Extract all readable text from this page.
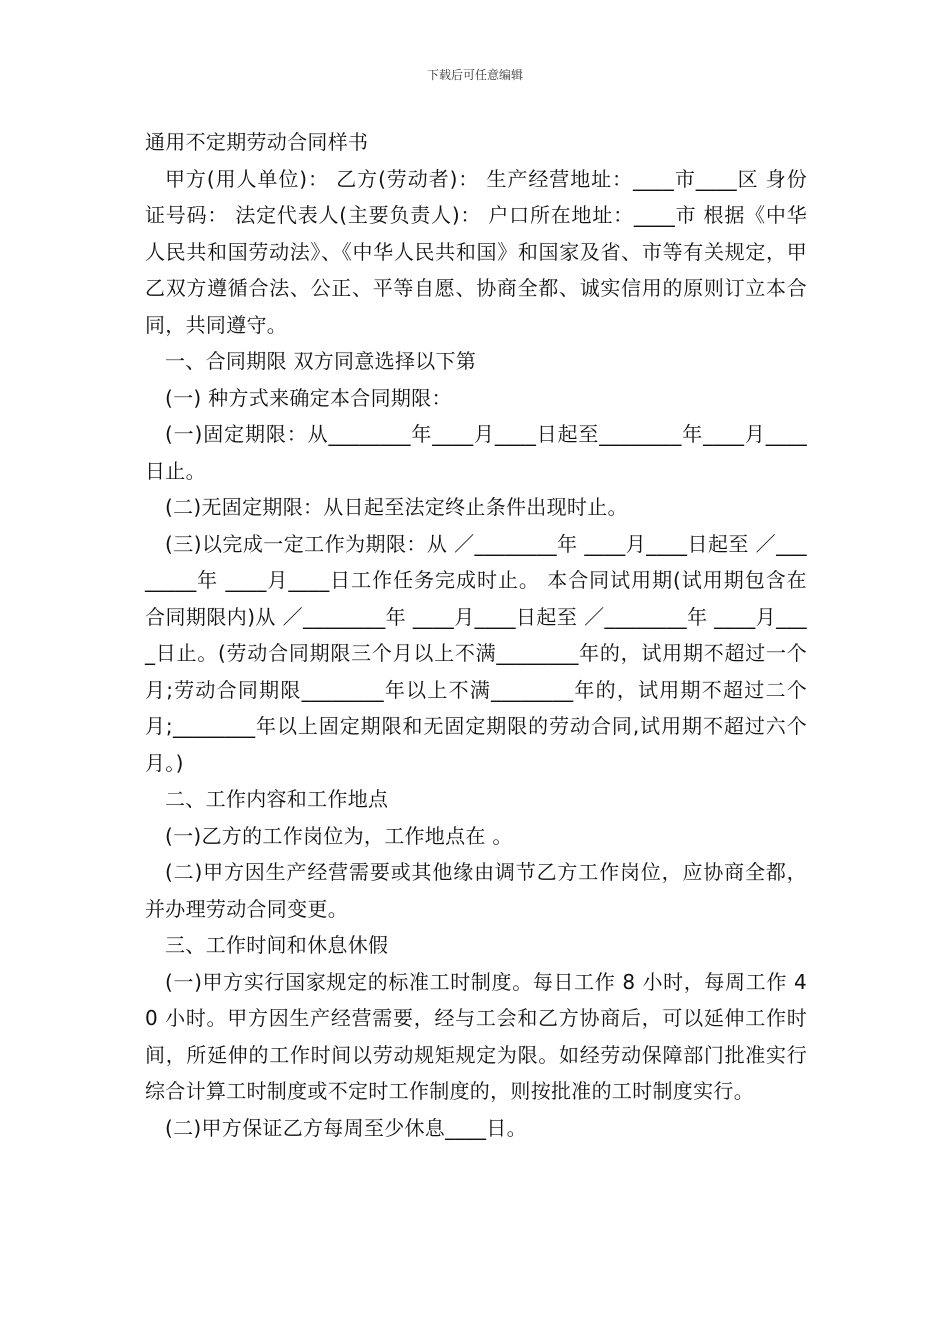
下载后可任意编辑

通用不定期劳动合同样书

甲方(用人单位)： 乙方(劳动者)： 生产经营地址：____市____区 身份证号码： 法定代表人(主要负责人)： 户口所在地址：____市 根据《中华人民共和国劳动法》、《中华人民共和国》和国家及省、市等有关规定，甲乙双方遵循合法、公正、平等自愿、协商全都、诚实信用的原则订立本合同，共同遵守。

一、合同期限 双方同意选择以下第

(一) 种方式来确定本合同期限：

(一)固定期限：从________年____月____日起至________年____月____日止。

(二)无固定期限：从日起至法定终止条件出现时止。

(三)以完成一定工作为期限：从 ／________年 ____月____日起至 ／________年 ____月____日工作任务完成时止。 本合同试用期(试用期包含在合同期限内)从 ／________年 ____月____日起至 ／________年 ____月____日止。(劳动合同期限三个月以上不满________年的，试用期不超过一个月;劳动合同期限________年以上不满________年的，试用期不超过二个月;________年以上固定期限和无固定期限的劳动合同,试用期不超过六个月。)

二、工作内容和工作地点

(一)乙方的工作岗位为，工作地点在 。

(二)甲方因生产经营需要或其他缘由调节乙方工作岗位，应协商全都，并办理劳动合同变更。

三、工作时间和休息休假

(一)甲方实行国家规定的标准工时制度。每日工作 8 小时，每周工作 40 小时。甲方因生产经营需要，经与工会和乙方协商后，可以延伸工作时间，所延伸的工作时间以劳动规矩规定为限。如经劳动保障部门批准实行综合计算工时制度或不定时工作制度的，则按批准的工时制度实行。

(二)甲方保证乙方每周至少休息____日。
